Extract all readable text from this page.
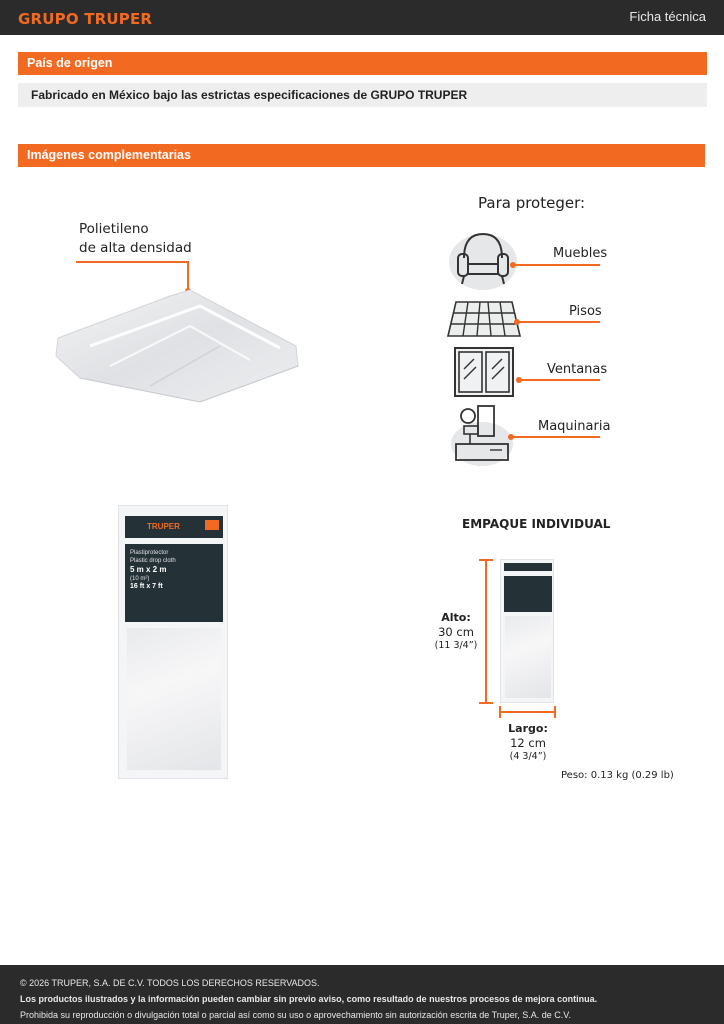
GRUPO TRUPER	Ficha técnica
País de origen
Fabricado en México bajo las estrictas especificaciones de GRUPO TRUPER
Imágenes complementarias
Polietileno
de alta densidad
Para proteger:
Muebles
Pisos
Ventanas
Maquinaria
TRUPER
Plastiprotector
Plastic drop cloth
5 m x 2 m
(10 m²)
16 ft x 7 ft
EMPAQUE INDIVIDUAL
Alto:
30 cm
(11 3/4”)
Largo:
12 cm
(4 3/4”)
Peso: 0.13 kg (0.29 lb)
© 2026 TRUPER, S.A. DE C.V. TODOS LOS DERECHOS RESERVADOS.
Los productos ilustrados y la información pueden cambiar sin previo aviso, como resultado de nuestros procesos de mejora continua.
Prohibida su reproducción o divulgación total o parcial así como su uso o aprovechamiento sin autorización escrita de Truper, S.A. de C.V.
